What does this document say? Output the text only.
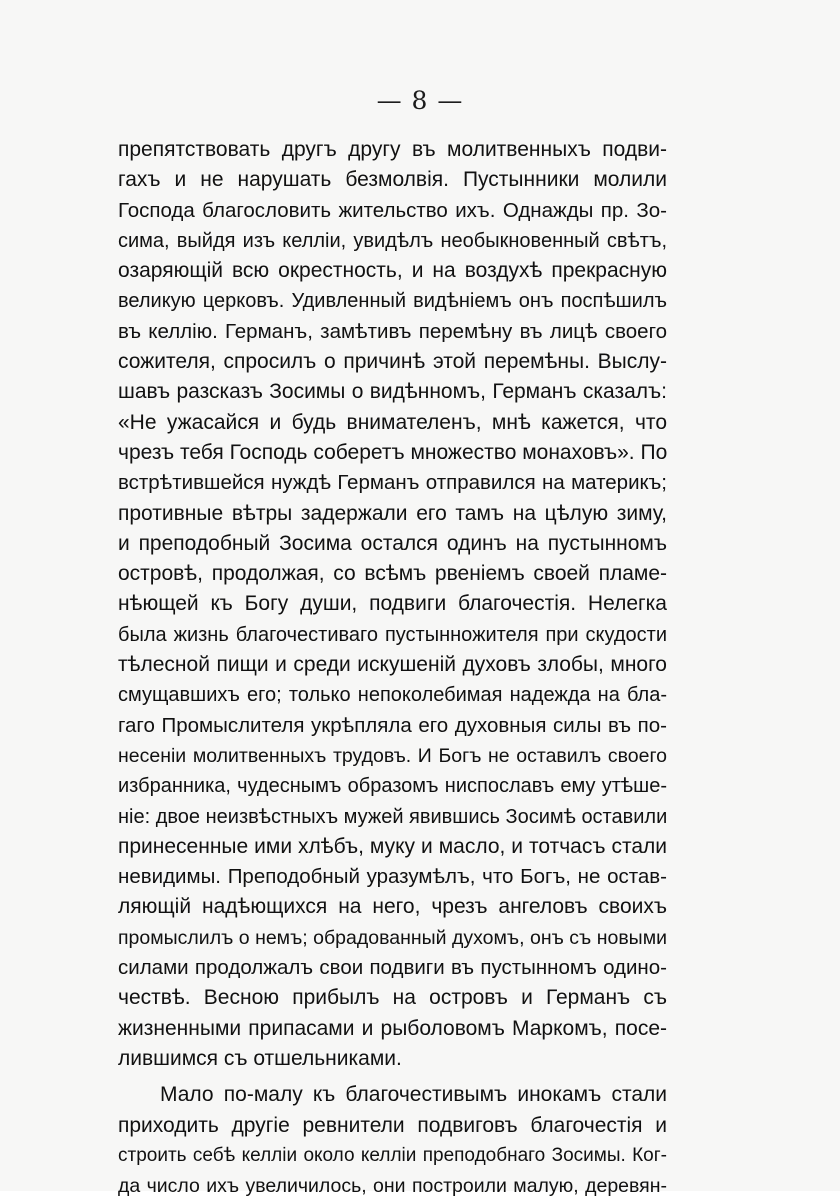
— 8 —
препятствовать другъ другу въ молитвенныхъ подви-
гахъ и не нарушать безмолвія. Пустынники молили
Господа благословить жительство ихъ. Однажды пр. Зо-
сима, выйдя изъ келліи, увидѣлъ необыкновенный свѣтъ,
озаряющій всю окрестность, и на воздухѣ прекрасную
великую церковъ. Удивленный видѣніемъ онъ поспѣшилъ
въ келлію. Германъ, замѣтивъ перемѣну въ лицѣ своего
сожителя, спросилъ о причинѣ этой перемѣны. Выслу-
шавъ разсказъ Зосимы о видѣнномъ, Германъ сказалъ:
«Не ужасайся и будь внимателенъ, мнѣ кажется, что
чрезъ тебя Господь соберетъ множество монаховъ». По
встрѣтившейся нуждѣ Германъ отправился на материкъ;
противные вѣтры задержали его тамъ на цѣлую зиму,
и преподобный Зосима остался одинъ на пустынномъ
островѣ, продолжая, со всѣмъ рвеніемъ своей пламе-
нѣющей къ Богу души, подвиги благочестія. Нелегка
была жизнь благочестиваго пустынножителя при скудости
тѣлесной пищи и среди искушеній духовъ злобы, много
смущавшихъ его; только непоколебимая надежда на бла-
гаго Промыслителя укрѣпляла его духовныя силы въ по-
несеніи молитвенныхъ трудовъ. И Богъ не оставилъ своего
избранника, чудеснымъ образомъ ниспославъ ему утѣше-
ніе: двое неизвѣстныхъ мужей явившись Зосимѣ оставили
принесенные ими хлѣбъ, муку и масло, и тотчасъ стали
невидимы. Преподобный уразумѣлъ, что Богъ, не остав-
ляющій надѣющихся на него, чрезъ ангеловъ своихъ
промыслилъ о немъ; обрадованный духомъ, онъ съ новыми
силами продолжалъ свои подвиги въ пустынномъ одино-
чествѣ. Весною прибылъ на островъ и Германъ съ
жизненными припасами и рыболовомъ Маркомъ, посе-
лившимся съ отшельниками.
Мало по-малу къ благочестивымъ инокамъ стали
приходить другіе ревнители подвиговъ благочестія и
строить себѣ келліи около келліи преподобнаго Зосимы. Ког-
да число ихъ увеличилось, они построили малую, деревян-
